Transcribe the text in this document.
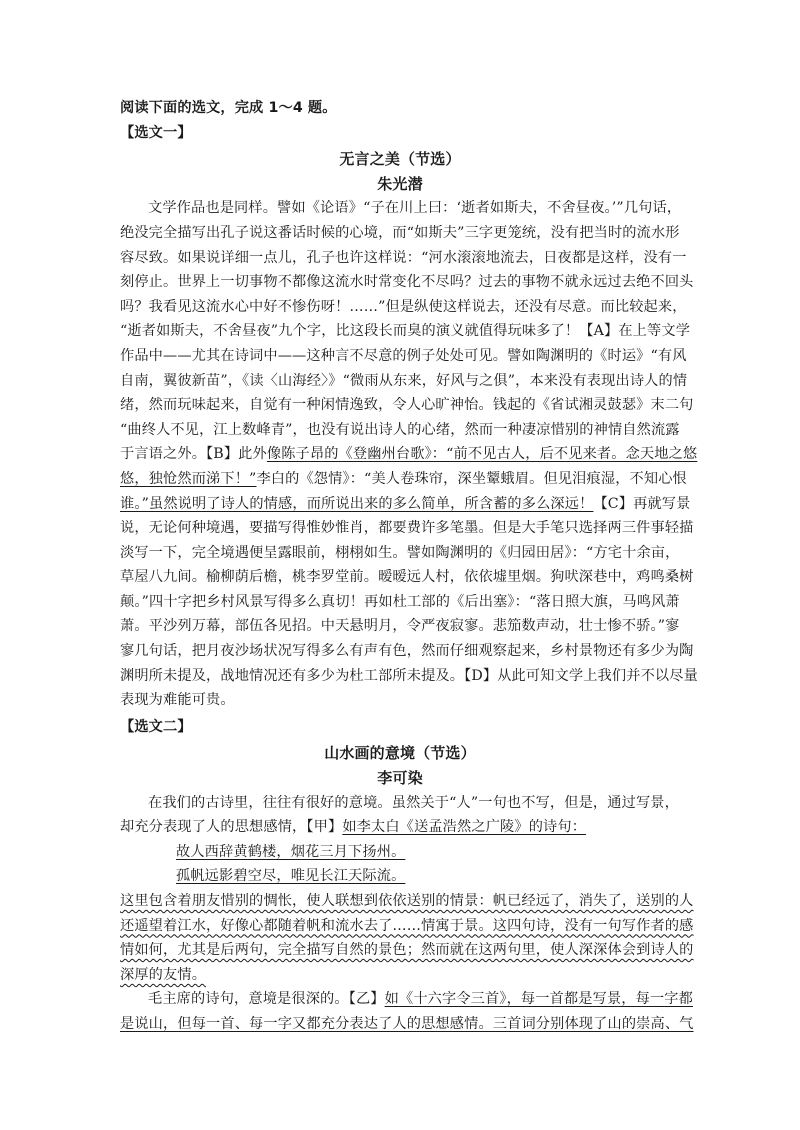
阅读下面的选文，完成 1～4 题。
【选文一】
无言之美（节选）
朱光潜
文学作品也是同样。譬如《论语》“子在川上曰：‘逝者如斯夫，不舍昼夜。’”几句话，
绝没完全描写出孔子说这番话时候的心境，而“如斯夫”三字更笼统，没有把当时的流水形
容尽致。如果说详细一点儿，孔子也许这样说：“河水滚滚地流去，日夜都是这样，没有一
刻停止。世界上一切事物不都像这流水时常变化不尽吗？过去的事物不就永远过去绝不回头
吗？我看见这流水心中好不惨伤呀！……”但是纵使这样说去，还没有尽意。而比较起来，
“逝者如斯夫，不舍昼夜”九个字，比这段长而臭的演义就值得玩味多了！【A】在上等文学
作品中——尤其在诗词中——这种言不尽意的例子处处可见。譬如陶渊明的《时运》“有风
自南，翼彼新苗”，《读〈山海经〉》“微雨从东来，好风与之俱”，本来没有表现出诗人的情
绪，然而玩味起来，自觉有一种闲情逸致，令人心旷神怡。钱起的《省试湘灵鼓瑟》末二句
“曲终人不见，江上数峰青”，也没有说出诗人的心绪，然而一种凄凉惜别的神情自然流露
于言语之外。【B】此外像陈子昂的《登幽州台歌》：“前不见古人，后不见来者。念天地之悠
悠，独怆然而涕下！”李白的《怨情》：“美人卷珠帘，深坐颦蛾眉。但见泪痕湿，不知心恨
谁。”虽然说明了诗人的情感，而所说出来的多么简单，所含蓄的多么深远！【C】再就写景
说，无论何种境遇，要描写得惟妙惟肖，都要费许多笔墨。但是大手笔只选择两三件事轻描
淡写一下，完全境遇便呈露眼前，栩栩如生。譬如陶渊明的《归园田居》：“方宅十余亩，
草屋八九间。榆柳荫后檐，桃李罗堂前。暧暧远人村，依依墟里烟。狗吠深巷中，鸡鸣桑树
颠。”四十字把乡村风景写得多么真切！再如杜工部的《后出塞》：“落日照大旗，马鸣风萧
萧。平沙列万幕，部伍各见招。中天悬明月，令严夜寂寥。悲笳数声动，壮士惨不骄。”寥
寥几句话，把月夜沙场状况写得多么有声有色，然而仔细观察起来，乡村景物还有多少为陶
渊明所未提及，战地情况还有多少为杜工部所未提及。【D】从此可知文学上我们并不以尽量
表现为难能可贵。
【选文二】
山水画的意境（节选）
李可染
在我们的古诗里，往往有很好的意境。虽然关于“人”一句也不写，但是，通过写景，
却充分表现了人的思想感情，【甲】如李太白《送孟浩然之广陵》的诗句：
故人西辞黄鹤楼，烟花三月下扬州。
孤帆远影碧空尽，唯见长江天际流。
这里包含着朋友惜别的惆怅，使人联想到依依送别的情景：帆已经远了，消失了，送别的人
还遥望着江水，好像心都随着帆和流水去了……情寓于景。这四句诗，没有一句写作者的感
情如何，尤其是后两句，完全描写自然的景色；然而就在这两句里，使人深深体会到诗人的
深厚的友情。
毛主席的诗句，意境是很深的。【乙】如《十六字令三首》，每一首都是写景，每一字都
是说山，但每一首、每一字又都充分表达了人的思想感情。三首词分别体现了山的崇高、气
